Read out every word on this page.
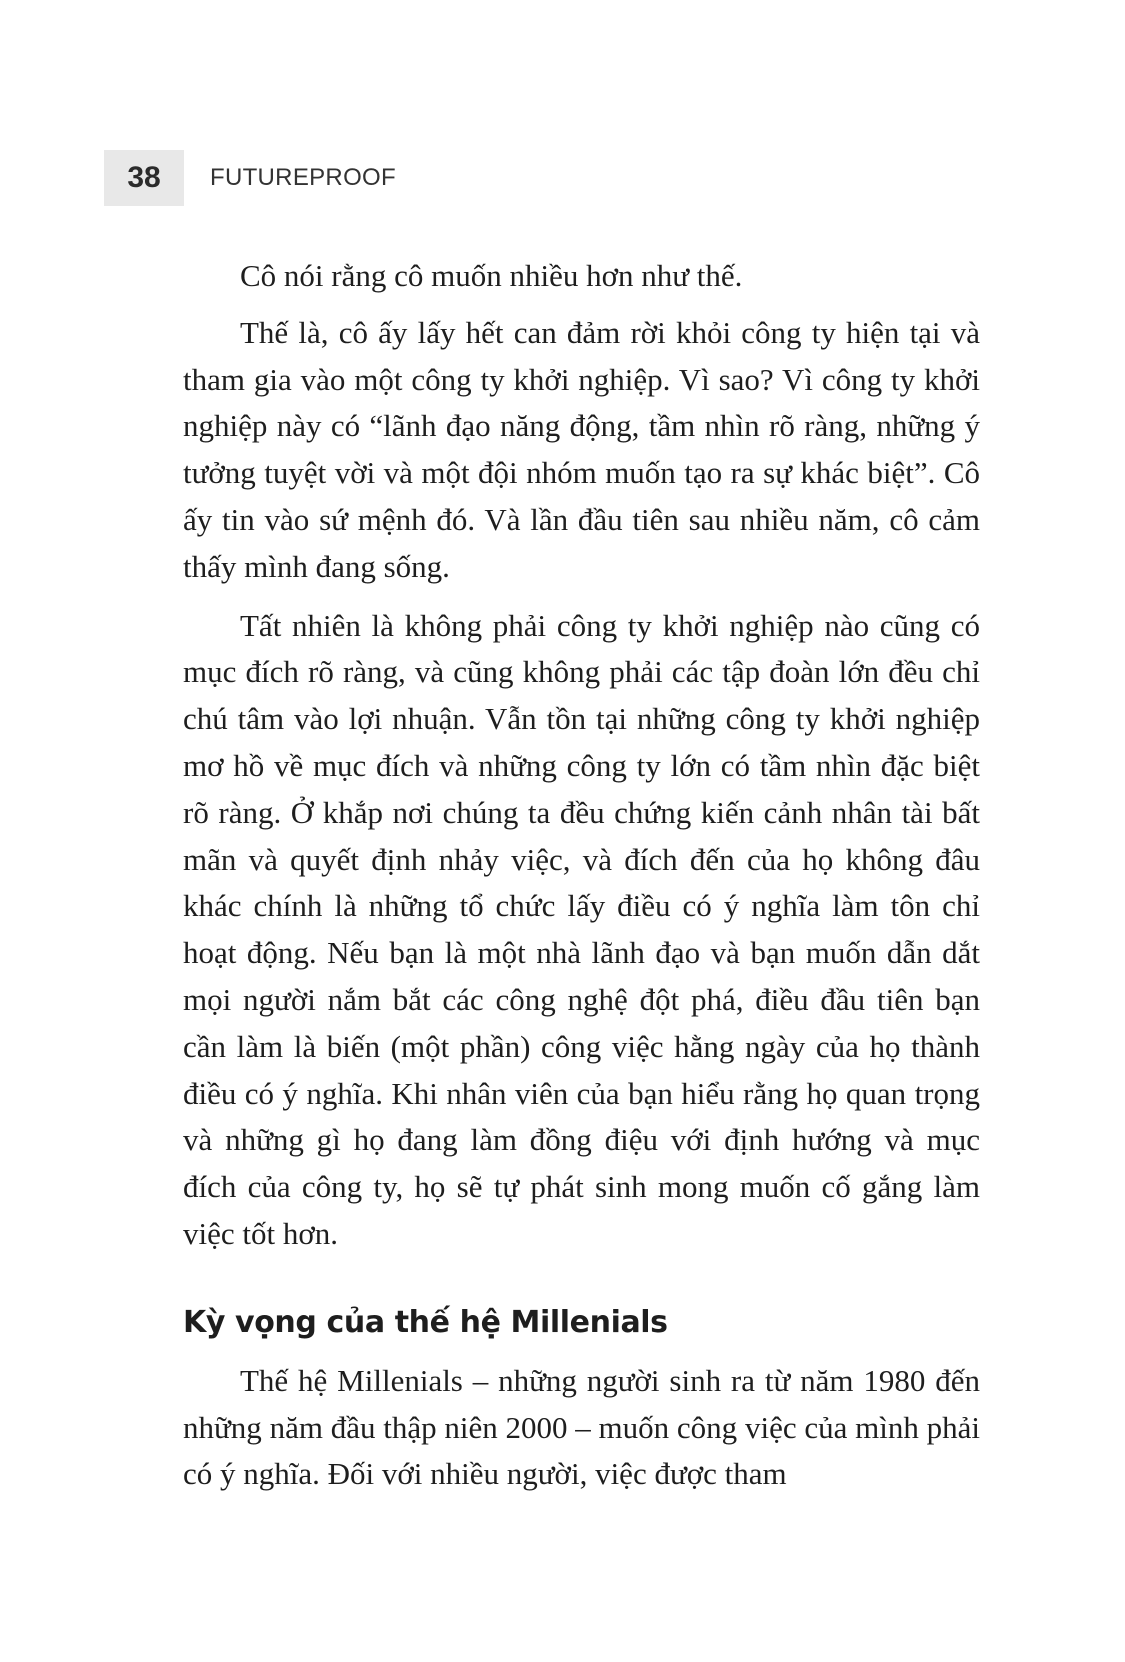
38	FUTUREPROOF

Cô nói rằng cô muốn nhiều hơn như thế.

Thế là, cô ấy lấy hết can đảm rời khỏi công ty hiện tại và tham gia vào một công ty khởi nghiệp. Vì sao? Vì công ty khởi nghiệp này có “lãnh đạo năng động, tầm nhìn rõ ràng, những ý tưởng tuyệt vời và một đội nhóm muốn tạo ra sự khác biệt”. Cô ấy tin vào sứ mệnh đó. Và lần đầu tiên sau nhiều năm, cô cảm thấy mình đang sống.

Tất nhiên là không phải công ty khởi nghiệp nào cũng có mục đích rõ ràng, và cũng không phải các tập đoàn lớn đều chỉ chú tâm vào lợi nhuận. Vẫn tồn tại những công ty khởi nghiệp mơ hồ về mục đích và những công ty lớn có tầm nhìn đặc biệt rõ ràng. Ở khắp nơi chúng ta đều chứng kiến cảnh nhân tài bất mãn và quyết định nhảy việc, và đích đến của họ không đâu khác chính là những tổ chức lấy điều có ý nghĩa làm tôn chỉ hoạt động. Nếu bạn là một nhà lãnh đạo và bạn muốn dẫn dắt mọi người nắm bắt các công nghệ đột phá, điều đầu tiên bạn cần làm là biến (một phần) công việc hằng ngày của họ thành điều có ý nghĩa. Khi nhân viên của bạn hiểu rằng họ quan trọng và những gì họ đang làm đồng điệu với định hướng và mục đích của công ty, họ sẽ tự phát sinh mong muốn cố gắng làm việc tốt hơn.

Kỳ vọng của thế hệ Millenials

Thế hệ Millenials – những người sinh ra từ năm 1980 đến những năm đầu thập niên 2000 – muốn công việc của mình phải có ý nghĩa. Đối với nhiều người, việc được tham
